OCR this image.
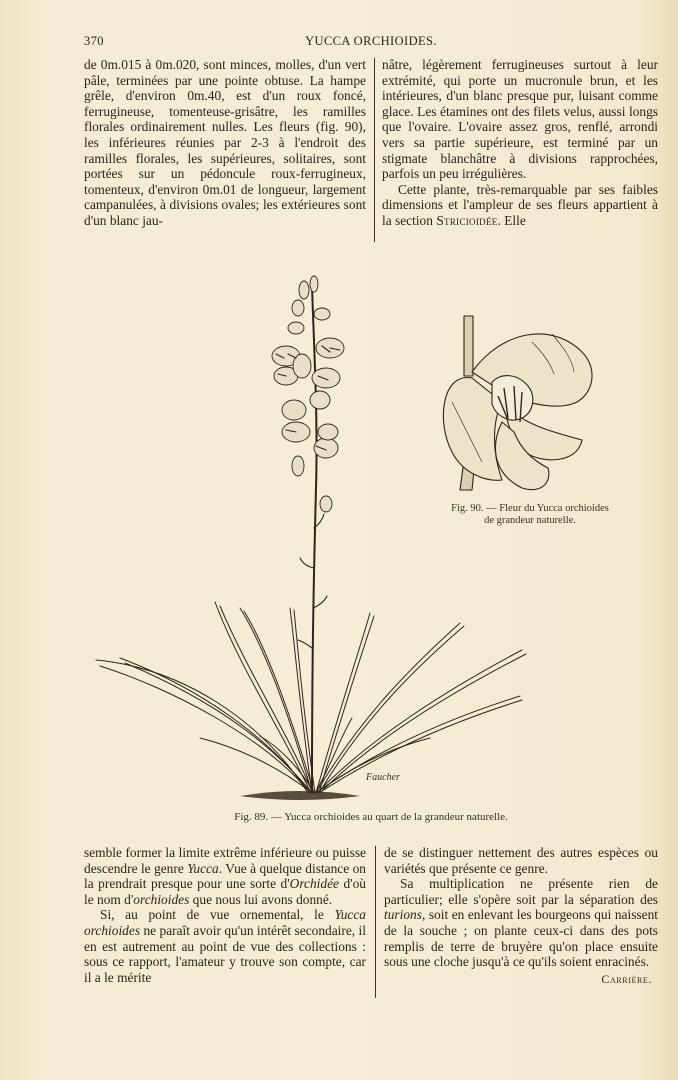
370	YUCCA ORCHIOIDES.

de 0m.015 à 0m.020, sont minces, molles, d'un vert pâle, terminées par une pointe obtuse. La hampe grêle, d'environ 0m.40, est d'un roux foncé, ferrugineuse, tomenteuse-grisâtre, les ramilles florales ordinairement nulles. Les fleurs (fig. 90), les inférieures réunies par 2-3 à l'endroit des ramilles florales, les supérieures, solitaires, sont portées sur un pédoncule roux-ferrugineux, tomenteux, d'environ 0m.01 de longueur, largement campanulées, à divisions ovales; les extérieures sont d'un blanc jau-

nâtre, légèrement ferrugineuses surtout à leur extrémité, qui porte un mucronule brun, et les intérieures, d'un blanc presque pur, luisant comme glace. Les étamines ont des filets velus, aussi longs que l'ovaire. L'ovaire assez gros, renflé, arrondi vers sa partie supérieure, est terminé par un stigmate blanchâtre à divisions rapprochées, parfois un peu irrégulières.

Cette plante, très-remarquable par ses faibles dimensions et l'ampleur de ses fleurs appartient à la section Stricioidée. Elle

Faucher
Fig. 90. — Fleur du Yucca orchioides
de grandeur naturelle.
Fig. 89. — Yucca orchioides au quart de la grandeur naturelle.

semble former la limite extrême inférieure ou puisse descendre le genre Yucca. Vue à quelque distance on la prendrait presque pour une sorte d'Orchidée d'où le nom d'orchioides que nous lui avons donné.

Si, au point de vue ornemental, le Yucca orchioides ne paraît avoir qu'un intérêt secondaire, il en est autrement au point de vue des collections : sous ce rapport, l'amateur y trouve son compte, car il a le mérite

de se distinguer nettement des autres espèces ou variétés que présente ce genre.

Sa multiplication ne présente rien de particulier; elle s'opère soit par la séparation des turions, soit en enlevant les bourgeons qui naissent de la souche ; on plante ceux-ci dans des pots remplis de terre de bruyère qu'on place ensuite sous une cloche jusqu'à ce qu'ils soient enracinés.

Carrière.
